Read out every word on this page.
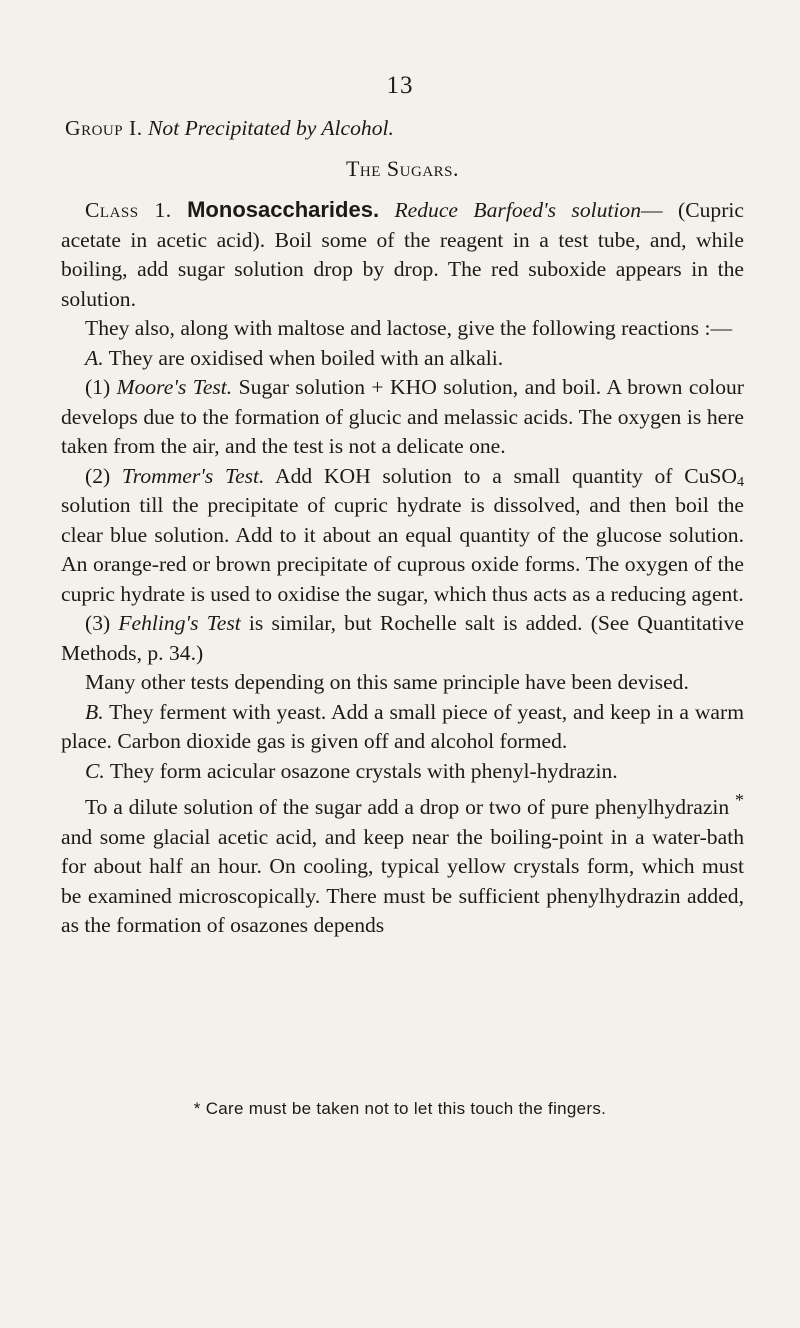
13

Group I. Not Precipitated by Alcohol.

The Sugars.

Class 1. Monosaccharides. Reduce Barfoed's solution— (Cupric acetate in acetic acid). Boil some of the reagent in a test tube, and, while boiling, add sugar solution drop by drop. The red suboxide appears in the solution.

They also, along with maltose and lactose, give the following reactions :—

A. They are oxidised when boiled with an alkali.

(1) Moore's Test. Sugar solution + KHO solution, and boil. A brown colour develops due to the formation of glucic and melassic acids. The oxygen is here taken from the air, and the test is not a delicate one.

(2) Trommer's Test. Add KOH solution to a small quantity of CuSO$_4$ solution till the precipitate of cupric hydrate is dissolved, and then boil the clear blue solution. Add to it about an equal quantity of the glucose solution. An orange-red or brown precipitate of cuprous oxide forms. The oxygen of the cupric hydrate is used to oxidise the sugar, which thus acts as a reducing agent.

(3) Fehling's Test is similar, but Rochelle salt is added. (See Quantitative Methods, p. 34.)

Many other tests depending on this same principle have been devised.

B. They ferment with yeast. Add a small piece of yeast, and keep in a warm place. Carbon dioxide gas is given off and alcohol formed.

C. They form acicular osazone crystals with phenyl-hydrazin.

To a dilute solution of the sugar add a drop or two of pure phenylhydrazin * and some glacial acetic acid, and keep near the boiling-point in a water-bath for about half an hour. On cooling, typical yellow crystals form, which must be examined microscopically. There must be sufficient phenylhydrazin added, as the formation of osazones depends

* Care must be taken not to let this touch the fingers.
